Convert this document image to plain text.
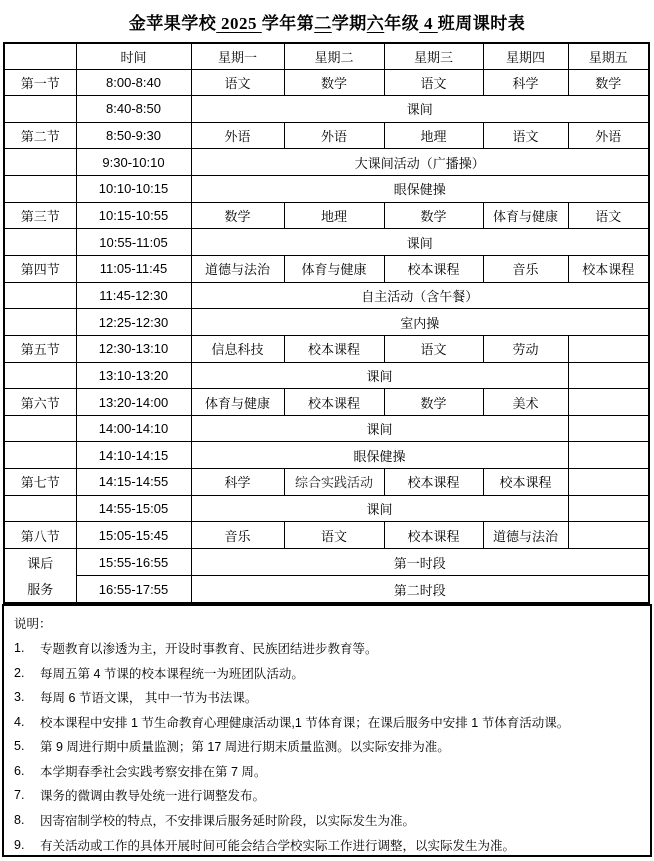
金苹果学校 2025 学年第二学期六年级 4 班周课时表
	时间	星期一	星期二	星期三	星期四	星期五
第一节	8:00-8:40	语文	数学	语文	科学	数学
	8:40-8:50	课间				
第二节	8:50-9:30	外语	外语	地理	语文	外语
	9:30-10:10	大课间活动（广播操）				
	10:10-10:15	眼保健操				
第三节	10:15-10:55	数学	地理	数学	体育与健康	语文
	10:55-11:05	课间				
第四节	11:05-11:45	道德与法治	体育与健康	校本课程	音乐	校本课程
	11:45-12:30	自主活动（含午餐）				
	12:25-12:30	室内操				
第五节	12:30-13:10	信息科技	校本课程	语文	劳动	
	13:10-13:20	课间				
第六节	13:20-14:00	体育与健康	校本课程	数学	美术	
	14:00-14:10	课间				
	14:10-14:15	眼保健操				
第七节	14:15-14:55	科学	综合实践活动	校本课程	校本课程	
	14:55-15:05	课间				
第八节	15:05-15:45	音乐	语文	校本课程	道德与法治	

课后
服务	15:55-16:55	第一时段				
	16:55-17:55	第二时段				
说明：
1.	专题教育以渗透为主，开设时事教育、民族团结进步教育等。
2.	每周五第 4 节课的校本课程统一为班团队活动。
3.	每周 6 节语文课， 其中一节为书法课。
4.	校本课程中安排 1 节生命教育心理健康活动课,1 节体育课；在课后服务中安排 1 节体育活动课。
5.	第 9 周进行期中质量监测；第 17 周进行期末质量监测。以实际安排为准。
6.	本学期春季社会实践考察安排在第 7 周。
7.	课务的微调由教导处统一进行调整发布。
8.	因寄宿制学校的特点，不安排课后服务延时阶段，以实际发生为准。
9.	有关活动或工作的具体开展时间可能会结合学校实际工作进行调整，以实际发生为准。
